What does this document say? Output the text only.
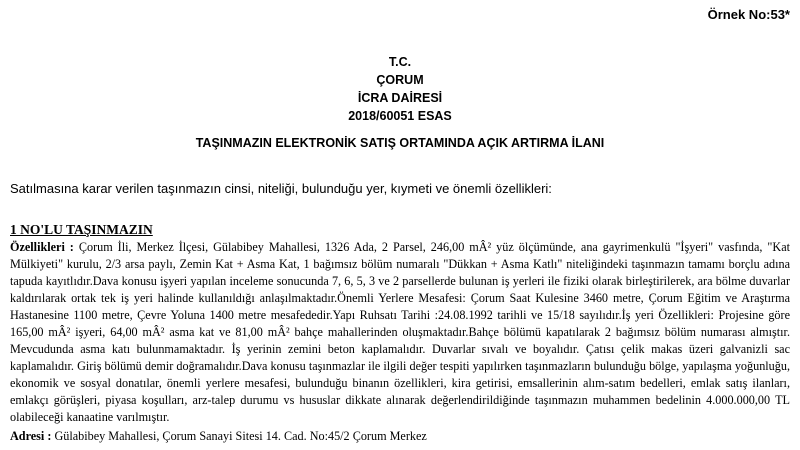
Örnek No:53*
T.C.
ÇORUM
İCRA DAİRESİ
2018/60051 ESAS
TAŞINMAZIN ELEKTRONİK SATIŞ ORTAMINDA AÇIK ARTIRMA İLANI
Satılmasına karar verilen taşınmazın cinsi, niteliği, bulunduğu yer, kıymeti ve önemli özellikleri:
1 NO'LU TAŞINMAZIN
Özellikleri : Çorum İli, Merkez İlçesi, Gülabibey Mahallesi, 1326 Ada, 2 Parsel, 246,00 mÂ² yüz ölçümünde, ana gayrimenkulü "İşyeri" vasfında, "Kat Mülkiyeti" kurulu, 2/3 arsa paylı, Zemin Kat + Asma Kat, 1 bağımsız bölüm numaralı "Dükkan + Asma Katlı" niteliğindeki taşınmazın tamamı borçlu adına tapuda kayıtlıdır.Dava konusu işyeri yapılan inceleme sonucunda 7, 6, 5, 3 ve 2 parsellerde bulunan iş yerleri ile fiziki olarak birleştirilerek, ara bölme duvarlar kaldırılarak ortak tek iş yeri halinde kullanıldığı anlaşılmaktadır.Önemli Yerlere Mesafesi: Çorum Saat Kulesine 3460 metre, Çorum Eğitim ve Araştırma Hastanesine 1100 metre, Çevre Yoluna 1400 metre mesafededir.Yapı Ruhsatı Tarihi :24.08.1992 tarihli ve 15/18 sayılıdır.İş yeri Özellikleri: Projesine göre 165,00 mÂ² işyeri, 64,00 mÂ² asma kat ve 81,00 mÂ² bahçe mahallerinden oluşmaktadır.Bahçe bölümü kapatılarak 2 bağımsız bölüm numarası almıştır. Mevcudunda asma katı bulunmamaktadır. İş yerinin zemini beton kaplamalıdır. Duvarlar sıvalı ve boyalıdır. Çatısı çelik makas üzeri galvanizli sac kaplamalıdır. Giriş bölümü demir doğramalıdır.Dava konusu taşınmazlar ile ilgili değer tespiti yapılırken taşınmazların bulunduğu bölge, yapılaşma yoğunluğu, ekonomik ve sosyal donatılar, önemli yerlere mesafesi, bulunduğu binanın özellikleri, kira getirisi, emsallerinin alım-satım bedelleri, emlak satış ilanları, emlakçı görüşleri, piyasa koşulları, arz-talep durumu vs hususlar dikkate alınarak değerlendirildiğinde taşınmazın muhammen bedelinin 4.000.000,00 TL olabileceği kanaatine varılmıştır.
Adresi : Gülabibey Mahallesi, Çorum Sanayi Sitesi 14. Cad. No:45/2 Çorum Merkez
